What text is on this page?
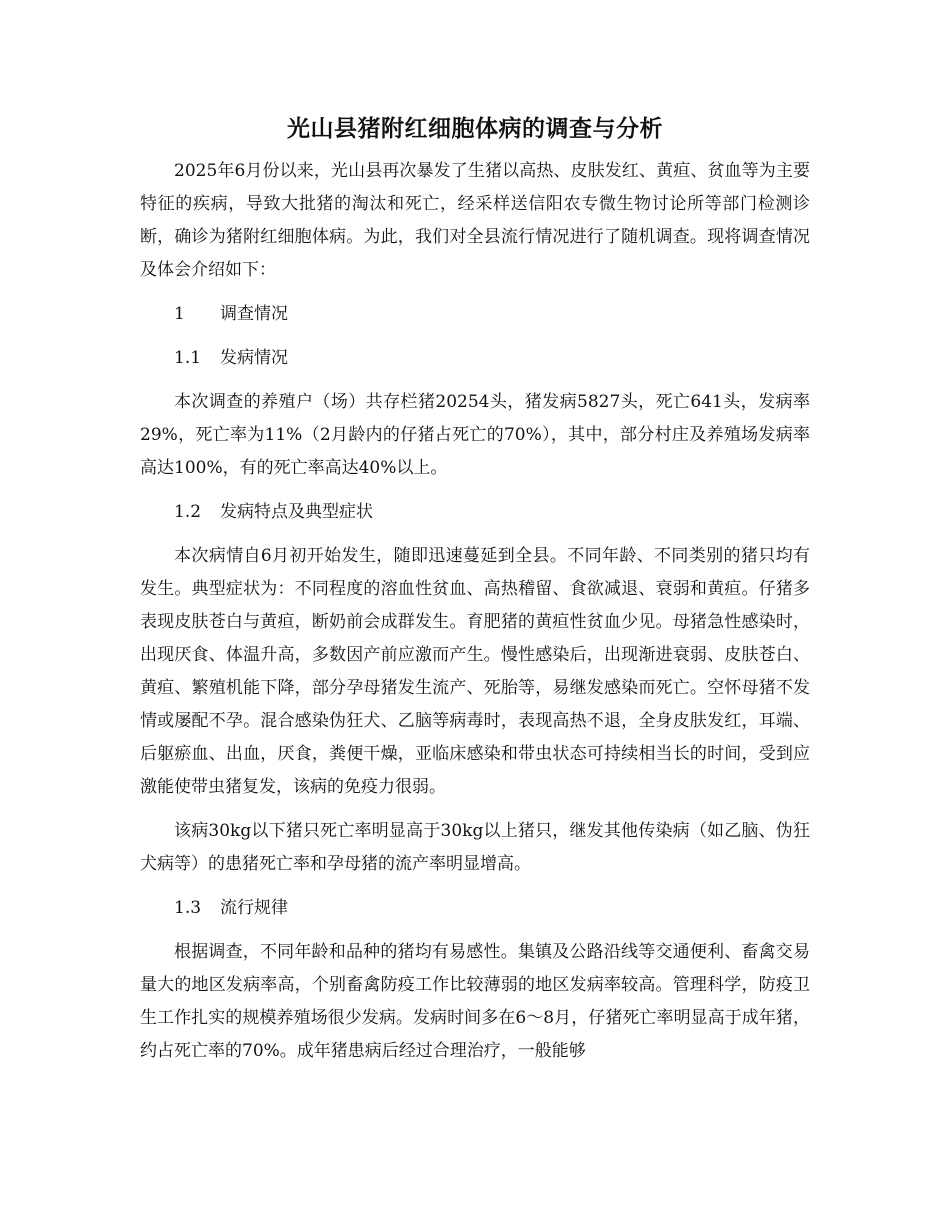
光山县猪附红细胞体病的调查与分析

2025年6月份以来，光山县再次暴发了生猪以高热、皮肤发红、黄疸、贫血等为主要特征的疾病，导致大批猪的淘汰和死亡，经采样送信阳农专微生物讨论所等部门检测诊断，确诊为猪附红细胞体病。为此，我们对全县流行情况进行了随机调查。现将调查情况及体会介绍如下：

1 调查情况
1.1 发病情况

本次调查的养殖户（场）共存栏猪20254头，猪发病5827头，死亡641头，发病率29%，死亡率为11%（2月龄内的仔猪占死亡的70%），其中，部分村庄及养殖场发病率高达100%，有的死亡率高达40%以上。

1.2 发病特点及典型症状

本次病情自6月初开始发生，随即迅速蔓延到全县。不同年龄、不同类别的猪只均有发生。典型症状为：不同程度的溶血性贫血、高热稽留、食欲减退、衰弱和黄疸。仔猪多表现皮肤苍白与黄疸，断奶前会成群发生。育肥猪的黄疸性贫血少见。母猪急性感染时，出现厌食、体温升高，多数因产前应激而产生。慢性感染后，出现渐进衰弱、皮肤苍白、黄疸、繁殖机能下降，部分孕母猪发生流产、死胎等，易继发感染而死亡。空怀母猪不发情或屡配不孕。混合感染伪狂犬、乙脑等病毒时，表现高热不退，全身皮肤发红，耳端、后躯瘀血、出血，厌食，粪便干燥，亚临床感染和带虫状态可持续相当长的时间，受到应激能使带虫猪复发，该病的免疫力很弱。

该病30kg以下猪只死亡率明显高于30kg以上猪只，继发其他传染病（如乙脑、伪狂犬病等）的患猪死亡率和孕母猪的流产率明显增高。

1.3 流行规律

根据调查，不同年龄和品种的猪均有易感性。集镇及公路沿线等交通便利、畜禽交易量大的地区发病率高，个别畜禽防疫工作比较薄弱的地区发病率较高。管理科学，防疫卫生工作扎实的规模养殖场很少发病。发病时间多在6～8月，仔猪死亡率明显高于成年猪，约占死亡率的70%。成年猪患病后经过合理治疗，一般能够
